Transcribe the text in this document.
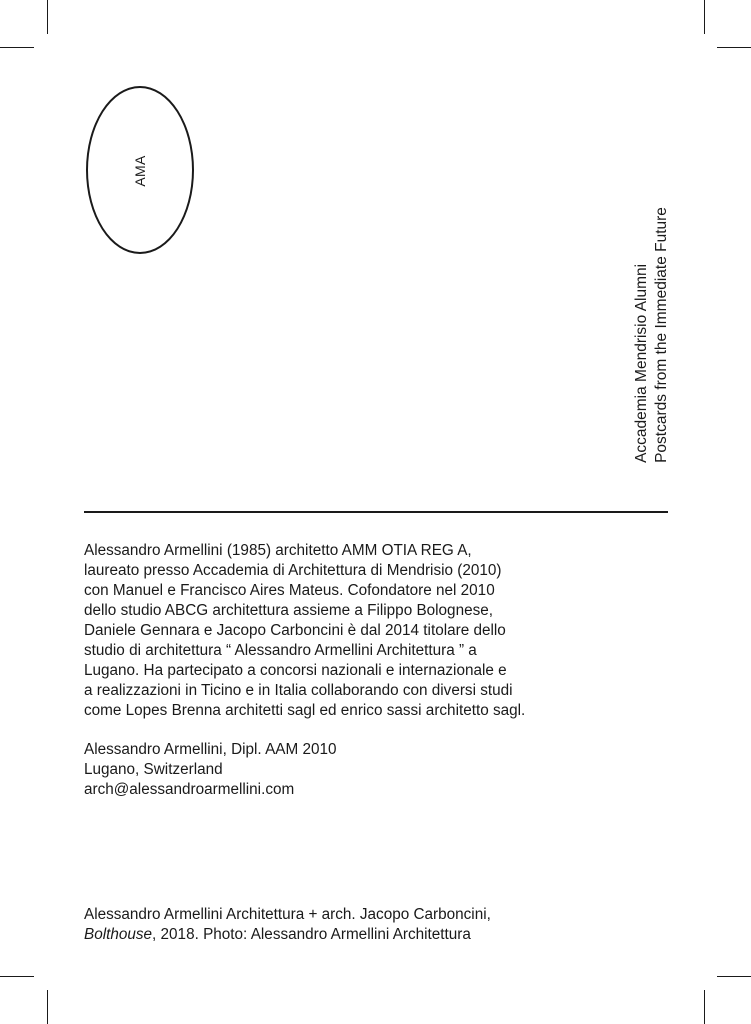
AMA
Accademia Mendrisio Alumni Postcards from the Immediate Future
Alessandro Armellini (1985) architetto AMM OTIA REG A,
laureato presso Accademia di Architettura di Mendrisio (2010)
con Manuel e Francisco Aires Mateus. Cofondatore nel 2010
dello studio ABCG architettura assieme a Filippo Bolognese,
Daniele Gennara e Jacopo Carboncini è dal 2014 titolare dello
studio di architettura “ Alessandro Armellini Architettura ” a
Lugano. Ha partecipato a concorsi nazionali e internazionale e
a realizzazioni in Ticino e in Italia collaborando con diversi studi
come Lopes Brenna architetti sagl ed enrico sassi architetto sagl.
Alessandro Armellini, Dipl. AAM 2010
Lugano, Switzerland
arch@alessandroarmellini.com
Alessandro Armellini Architettura + arch. Jacopo Carboncini,
Bolthouse, 2018. Photo: Alessandro Armellini Architettura
